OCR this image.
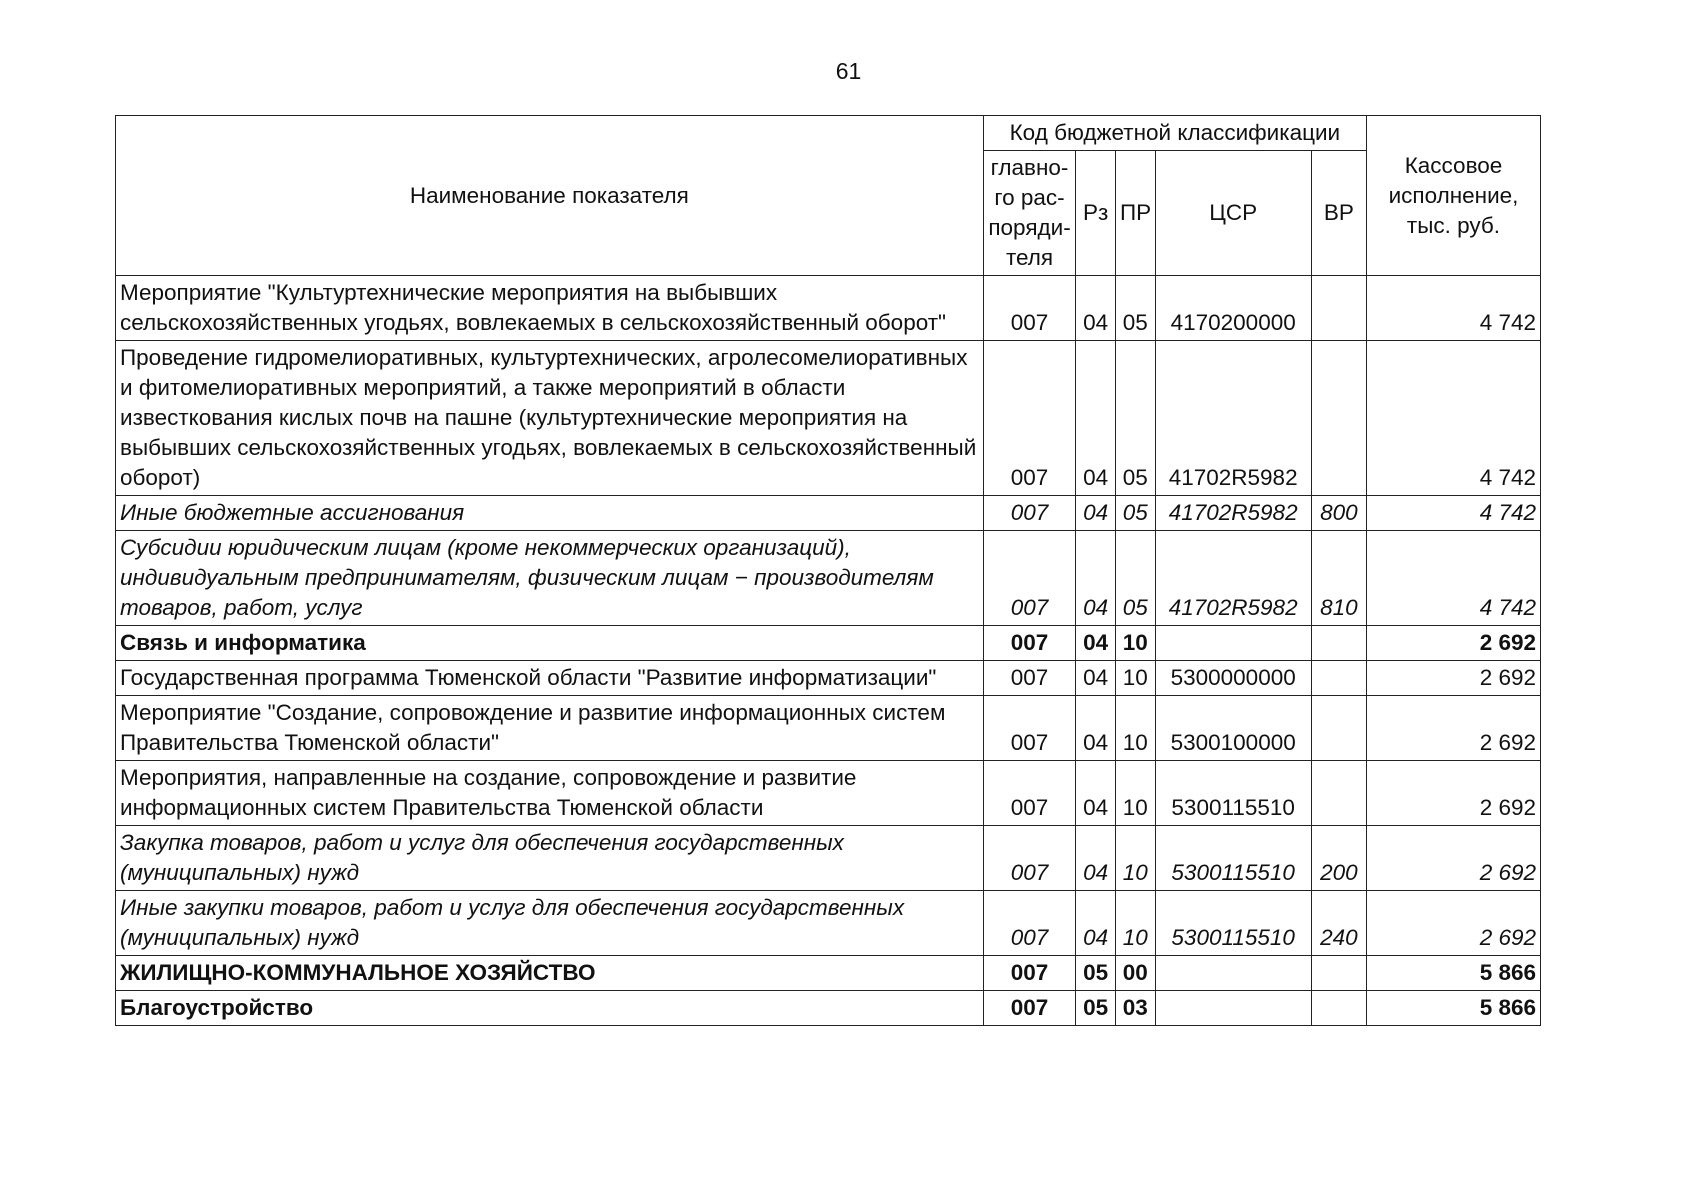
61
Наименование показателя	Код бюджетной классификации					Кассовое
исполнение,
тыс. руб.
	главно-
го рас-
поряди-
теля	Рз	ПР	ЦСР	ВР	
Мероприятие "Культуртехнические мероприятия на выбывших сельскохозяйственных угодьях, вовлекаемых в сельскохозяйственный оборот"	007	04	05	4170200000		4 742
Проведение гидромелиоративных, культуртехнических, агролесомелиоративных и фитомелиоративных мероприятий, а также мероприятий в области известкования кислых почв на пашне (культуртехнические мероприятия на выбывших сельскохозяйственных угодьях, вовлекаемых в сельскохозяйственный оборот)	007	04	05	41702R5982		4 742
Иные бюджетные ассигнования	007	04	05	41702R5982	800	4 742
Субсидии юридическим лицам (кроме некоммерческих организаций), индивидуальным предпринимателям, физическим лицам − производителям товаров, работ, услуг	007	04	05	41702R5982	810	4 742
Связь и информатика	007	04	10			2 692
Государственная программа Тюменской области "Развитие информатизации"	007	04	10	5300000000		2 692
Мероприятие "Создание, сопровождение и развитие информационных систем Правительства Тюменской области"	007	04	10	5300100000		2 692
Мероприятия, направленные на создание, сопровождение и развитие информационных систем Правительства Тюменской области	007	04	10	5300115510		2 692
Закупка товаров, работ и услуг для обеспечения государственных (муниципальных) нужд	007	04	10	5300115510	200	2 692
Иные закупки товаров, работ и услуг для обеспечения государственных (муниципальных) нужд	007	04	10	5300115510	240	2 692
ЖИЛИЩНО-КОММУНАЛЬНОЕ ХОЗЯЙСТВО	007	05	00			5 866
Благоустройство	007	05	03			5 866
